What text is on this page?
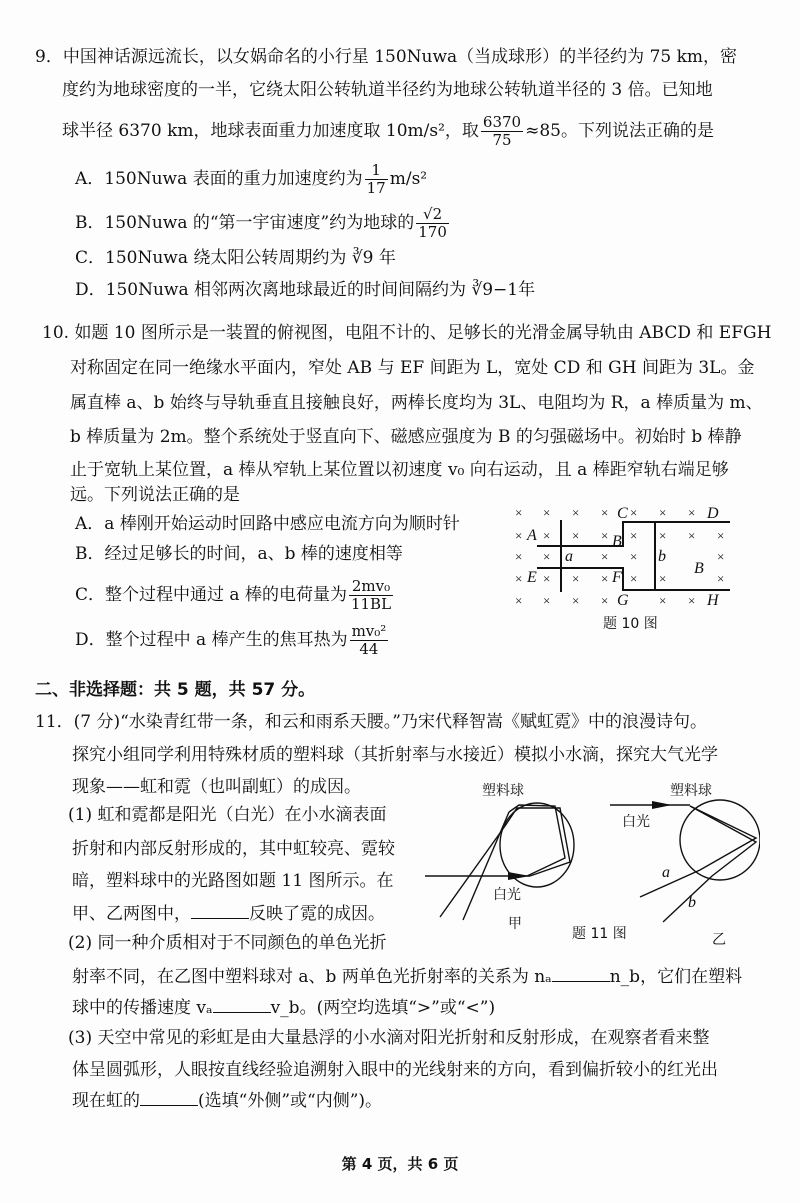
9．中国神话源远流长，以女娲命名的小行星 150Nuwa（当成球形）的半径约为 75 km，密
度约为地球密度的一半，它绕太阳公转轨道半径约为地球公转轨道半径的 3 倍。已知地
球半径 6370 km，地球表面重力加速度取 10m/s²，取 $\frac{6370}{75} \approx 85$。下列说法正确的是
A．150Nuwa 表面的重力加速度约为 $\frac{1}{17} m/s^2$
B．150Nuwa 的“第一宇宙速度”约为地球的 $\frac{√2}{170}$
C．150Nuwa 绕太阳公转周期约为 ∛9 年
D．150Nuwa 相邻两次离地球最近的时间间隔约为 ∛9−1年
10. 如题 10 图所示是一装置的俯视图，电阻不计的、足够长的光滑金属导轨由 ABCD 和 EFGH
对称固定在同一绝缘水平面内，窄处 AB 与 EF 间距为 L，宽处 CD 和 GH 间距为 3L。金
属直棒 a、b 始终与导轨垂直且接触良好，两棒长度均为 3L、电阻均为 R，a 棒质量为 m、
b 棒质量为 2m。整个系统处于竖直向下、磁感应强度为 B 的匀强磁场中。初始时 b 棒静
止于宽轨上某位置，a 棒从窄轨上某位置以初速度 v₀ 向右运动，且 a 棒距窄轨右端足够
远。下列说法正确的是
A．a 棒刚开始运动时回路中感应电流方向为顺时针
B．经过足够长的时间，a、b 棒的速度相等
C．整个过程中通过 a 棒的电荷量为 $\frac{\text{2mv₀}}{11BL}$
D．整个过程中 a 棒产生的焦耳热为 $\frac{\text{mv₀²}}{44}$
× × × × × × ×
× × × × × × × ×
× ×	× ×	×
× × × × × ×	×
× × × ×	× ×
A	B
C	D
E	F
G	H
a	b
B
题 10 图
二、非选择题：共 5 题，共 57 分。
11．(7 分)“水染青红带一条，和云和雨系天腰。”乃宋代释智嵩《赋虹霓》中的浪漫诗句。
探究小组同学利用特殊材质的塑料球（其折射率与水接近）模拟小水滴，探究大气光学
现象——虹和霓（也叫副虹）的成因。
(1) 虹和霓都是阳光（白光）在小水滴表面
折射和内部反射形成的，其中虹较亮、霓较
暗，塑料球中的光路图如题 11 图所示。在
甲、乙两图中，	反映了霓的成因。
(2) 同一种介质相对于不同颜色的单色光折
射率不同，在乙图中塑料球对 a、b 两单色光折射率的关系为 nₐ	n_b，它们在塑料
球中的传播速度 vₐ	v_b。(两空均选填“>”或“<”)
(3) 天空中常见的彩虹是由大量悬浮的小水滴对阳光折射和反射形成，在观察者看来整
体呈圆弧形，人眼按直线经验追溯射入眼中的光线射来的方向，看到偏折较小的红光出
现在虹的	(选填“外侧”或“内侧”)。
塑料球	塑料球
白光
白光
a
b
甲
题 11 图	乙
第 4 页，共 6 页
